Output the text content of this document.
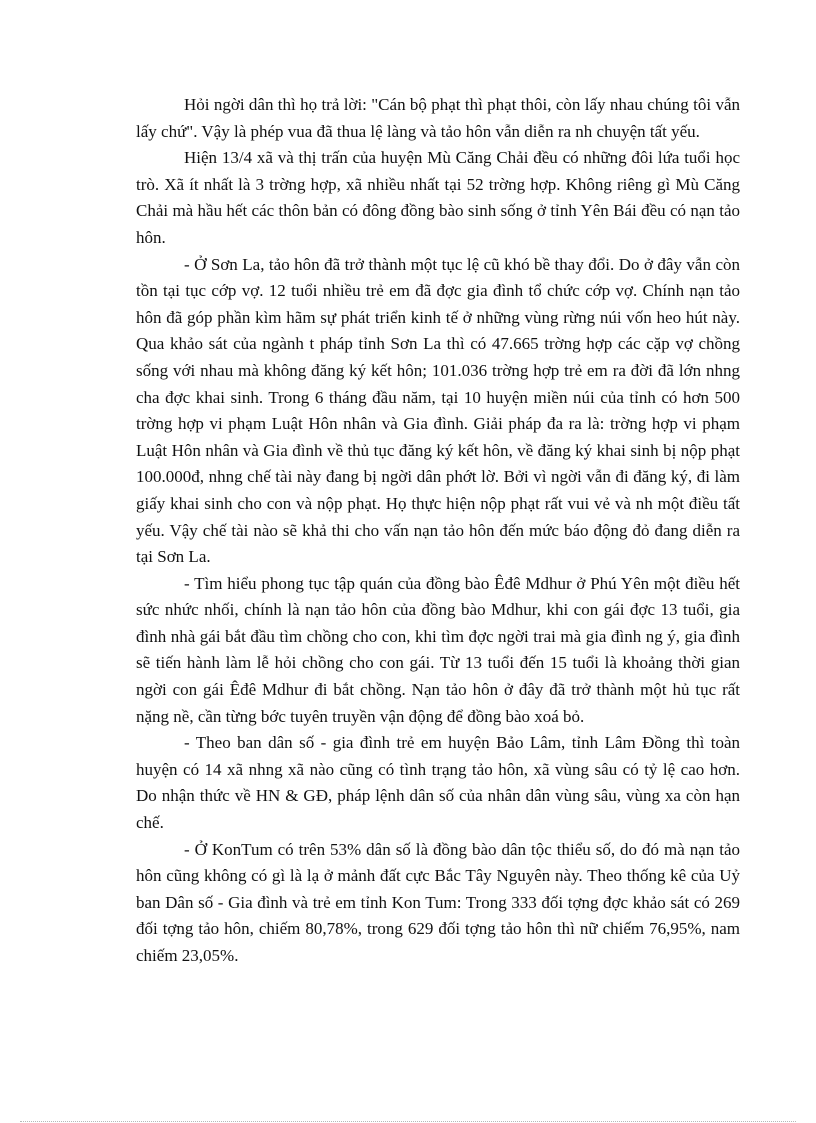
Hỏi ngời dân thì họ trả lời: "Cán bộ phạt thì phạt thôi, còn lấy nhau chúng tôi vẫn lấy chứ". Vậy là phép vua đã thua lệ làng và tảo hôn vẫn diễn ra nh chuyện tất yếu.

Hiện 13/4 xã và thị trấn của huyện Mù Căng Chải đều có những đôi lứa tuổi học trò. Xã ít nhất là 3 trờng hợp, xã nhiều nhất tại 52 trờng hợp. Không riêng gì Mù Căng Chải mà hầu hết các thôn bản có đông đồng bào sinh sống ở tỉnh Yên Bái đều có nạn tảo hôn.

- Ở Sơn La, tảo hôn đã trở thành một tục lệ cũ khó bề thay đổi. Do ở đây vẫn còn tồn tại tục cớp vợ. 12 tuổi nhiều trẻ em đã đợc gia đình tổ chức cớp vợ. Chính nạn tảo hôn đã góp phần kìm hãm sự phát triển kinh tế ở những vùng rừng núi vốn heo hút này. Qua khảo sát của ngành t pháp tỉnh Sơn La thì có 47.665 trờng hợp các cặp vợ chồng sống với nhau mà không đăng ký kết hôn; 101.036 trờng hợp trẻ em ra đời đã lớn nhng cha đợc khai sinh. Trong 6 tháng đầu năm, tại 10 huyện miền núi của tỉnh có hơn 500 trờng hợp vi phạm Luật Hôn nhân và Gia đình. Giải pháp đa ra là: trờng hợp vi phạm Luật Hôn nhân và Gia đình về thủ tục đăng ký kết hôn, về đăng ký khai sinh bị nộp phạt 100.000đ, nhng chế tài này đang bị ngời dân phớt lờ. Bởi vì ngời vẫn đi đăng ký, đi làm giấy khai sinh cho con và nộp phạt. Họ thực hiện nộp phạt rất vui vẻ và nh một điều tất yếu. Vậy chế tài nào sẽ khả thi cho vấn nạn tảo hôn đến mức báo động đỏ đang diễn ra tại Sơn La.

- Tìm hiểu phong tục tập quán của đồng bào Êđê Mdhur ở Phú Yên một điều hết sức nhức nhối, chính là nạn tảo hôn của đồng bào Mdhur, khi con gái đợc 13 tuổi, gia đình nhà gái bắt đầu tìm chồng cho con, khi tìm đợc ngời trai mà gia đình ng ý, gia đình sẽ tiến hành làm lễ hỏi chồng cho con gái. Từ 13 tuổi đến 15 tuổi là khoảng thời gian ngời con gái Êđê Mdhur đi bắt chồng. Nạn tảo hôn ở đây đã trở thành một hủ tục rất nặng nề, cần từng bớc tuyên truyền vận động để đồng bào xoá bỏ.

- Theo ban dân số - gia đình trẻ em huyện Bảo Lâm, tỉnh Lâm Đồng thì toàn huyện có 14 xã nhng xã nào cũng có tình trạng tảo hôn, xã vùng sâu có tỷ lệ cao hơn. Do nhận thức về HN & GĐ, pháp lệnh dân số của nhân dân vùng sâu, vùng xa còn hạn chế.

- Ở KonTum có trên 53% dân số là đồng bào dân tộc thiểu số, do đó mà nạn tảo hôn cũng không có gì là lạ ở mảnh đất cực Bắc Tây Nguyên này. Theo thống kê của Uỷ ban Dân số - Gia đình và trẻ em tỉnh Kon Tum: Trong 333 đối tợng đợc khảo sát có 269 đối tợng tảo hôn, chiếm 80,78%, trong 629 đối tợng tảo hôn thì nữ chiếm 76,95%, nam chiếm 23,05%.
